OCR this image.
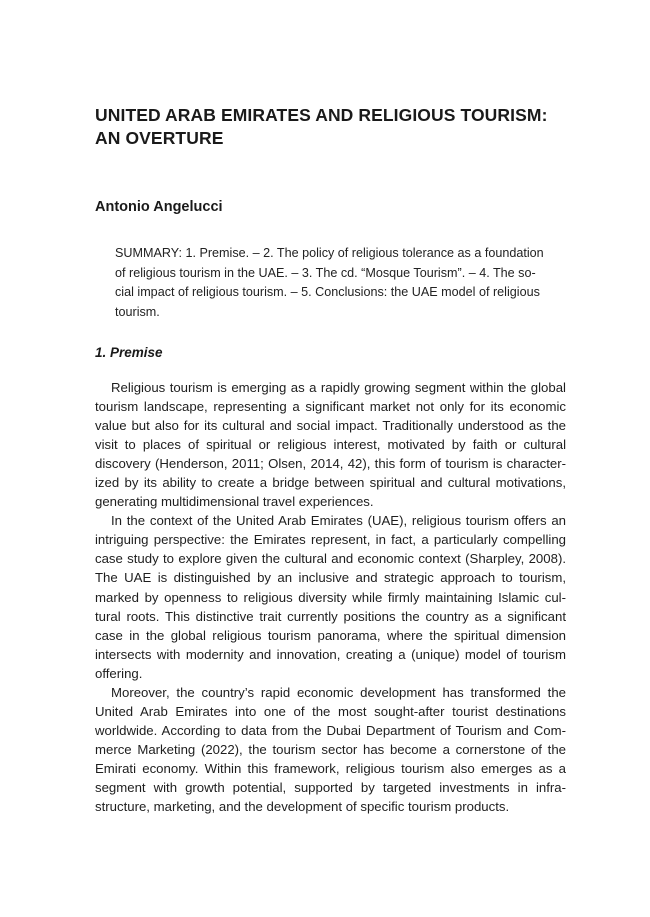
UNITED ARAB EMIRATES AND RELIGIOUS TOURISM:
AN OVERTURE

Antonio Angelucci

SUMMARY: 1. Premise. – 2. The policy of religious tolerance as a foundation
of religious tourism in the UAE. – 3. The cd. “Mosque Tourism”. – 4. The so-
cial impact of religious tourism. – 5. Conclusions: the UAE model of religious
tourism.
1. Premise
Religious tourism is emerging as a rapidly growing segment within the global
tourism landscape, representing a significant market not only for its economic
value but also for its cultural and social impact. Traditionally understood as the
visit to places of spiritual or religious interest, motivated by faith or cultural
discovery (Henderson, 2011; Olsen, 2014, 42), this form of tourism is character-
ized by its ability to create a bridge between spiritual and cultural motivations,
generating multidimensional travel experiences.
In the context of the United Arab Emirates (UAE), religious tourism offers an
intriguing perspective: the Emirates represent, in fact, a particularly compelling
case study to explore given the cultural and economic context (Sharpley, 2008).
The UAE is distinguished by an inclusive and strategic approach to tourism,
marked by openness to religious diversity while firmly maintaining Islamic cul-
tural roots. This distinctive trait currently positions the country as a significant
case in the global religious tourism panorama, where the spiritual dimension
intersects with modernity and innovation, creating a (unique) model of tourism
offering.
Moreover, the country’s rapid economic development has transformed the
United Arab Emirates into one of the most sought-after tourist destinations
worldwide. According to data from the Dubai Department of Tourism and Com-
merce Marketing (2022), the tourism sector has become a cornerstone of the
Emirati economy. Within this framework, religious tourism also emerges as a
segment with growth potential, supported by targeted investments in infra-
structure, marketing, and the development of specific tourism products.
